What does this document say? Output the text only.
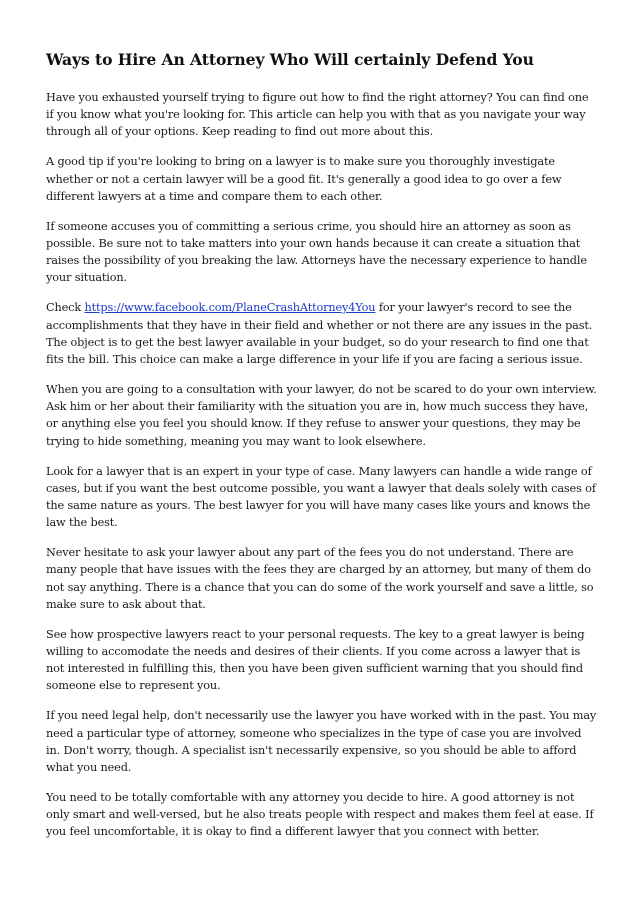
Ways to Hire An Attorney Who Will certainly Defend You

Have you exhausted yourself trying to figure out how to find the right attorney? You can find one if you know what you're looking for. This article can help you with that as you navigate your way through all of your options. Keep reading to find out more about this.

A good tip if you're looking to bring on a lawyer is to make sure you thoroughly investigate whether or not a certain lawyer will be a good fit. It's generally a good idea to go over a few different lawyers at a time and compare them to each other.

If someone accuses you of committing a serious crime, you should hire an attorney as soon as possible. Be sure not to take matters into your own hands because it can create a situation that raises the possibility of you breaking the law. Attorneys have the necessary experience to handle your situation.

Check https://www.facebook.com/PlaneCrashAttorney4You for your lawyer's record to see the accomplishments that they have in their field and whether or not there are any issues in the past. The object is to get the best lawyer available in your budget, so do your research to find one that fits the bill. This choice can make a large difference in your life if you are facing a serious issue.

When you are going to a consultation with your lawyer, do not be scared to do your own interview. Ask him or her about their familiarity with the situation you are in, how much success they have, or anything else you feel you should know. If they refuse to answer your questions, they may be trying to hide something, meaning you may want to look elsewhere.

Look for a lawyer that is an expert in your type of case. Many lawyers can handle a wide range of cases, but if you want the best outcome possible, you want a lawyer that deals solely with cases of the same nature as yours. The best lawyer for you will have many cases like yours and knows the law the best.

Never hesitate to ask your lawyer about any part of the fees you do not understand. There are many people that have issues with the fees they are charged by an attorney, but many of them do not say anything. There is a chance that you can do some of the work yourself and save a little, so make sure to ask about that.

See how prospective lawyers react to your personal requests. The key to a great lawyer is being willing to accomodate the needs and desires of their clients. If you come across a lawyer that is not interested in fulfilling this, then you have been given sufficient warning that you should find someone else to represent you.

If you need legal help, don't necessarily use the lawyer you have worked with in the past. You may need a particular type of attorney, someone who specializes in the type of case you are involved in. Don't worry, though. A specialist isn't necessarily expensive, so you should be able to afford what you need.

You need to be totally comfortable with any attorney you decide to hire. A good attorney is not only smart and well-versed, but he also treats people with respect and makes them feel at ease. If you feel uncomfortable, it is okay to find a different lawyer that you connect with better.
